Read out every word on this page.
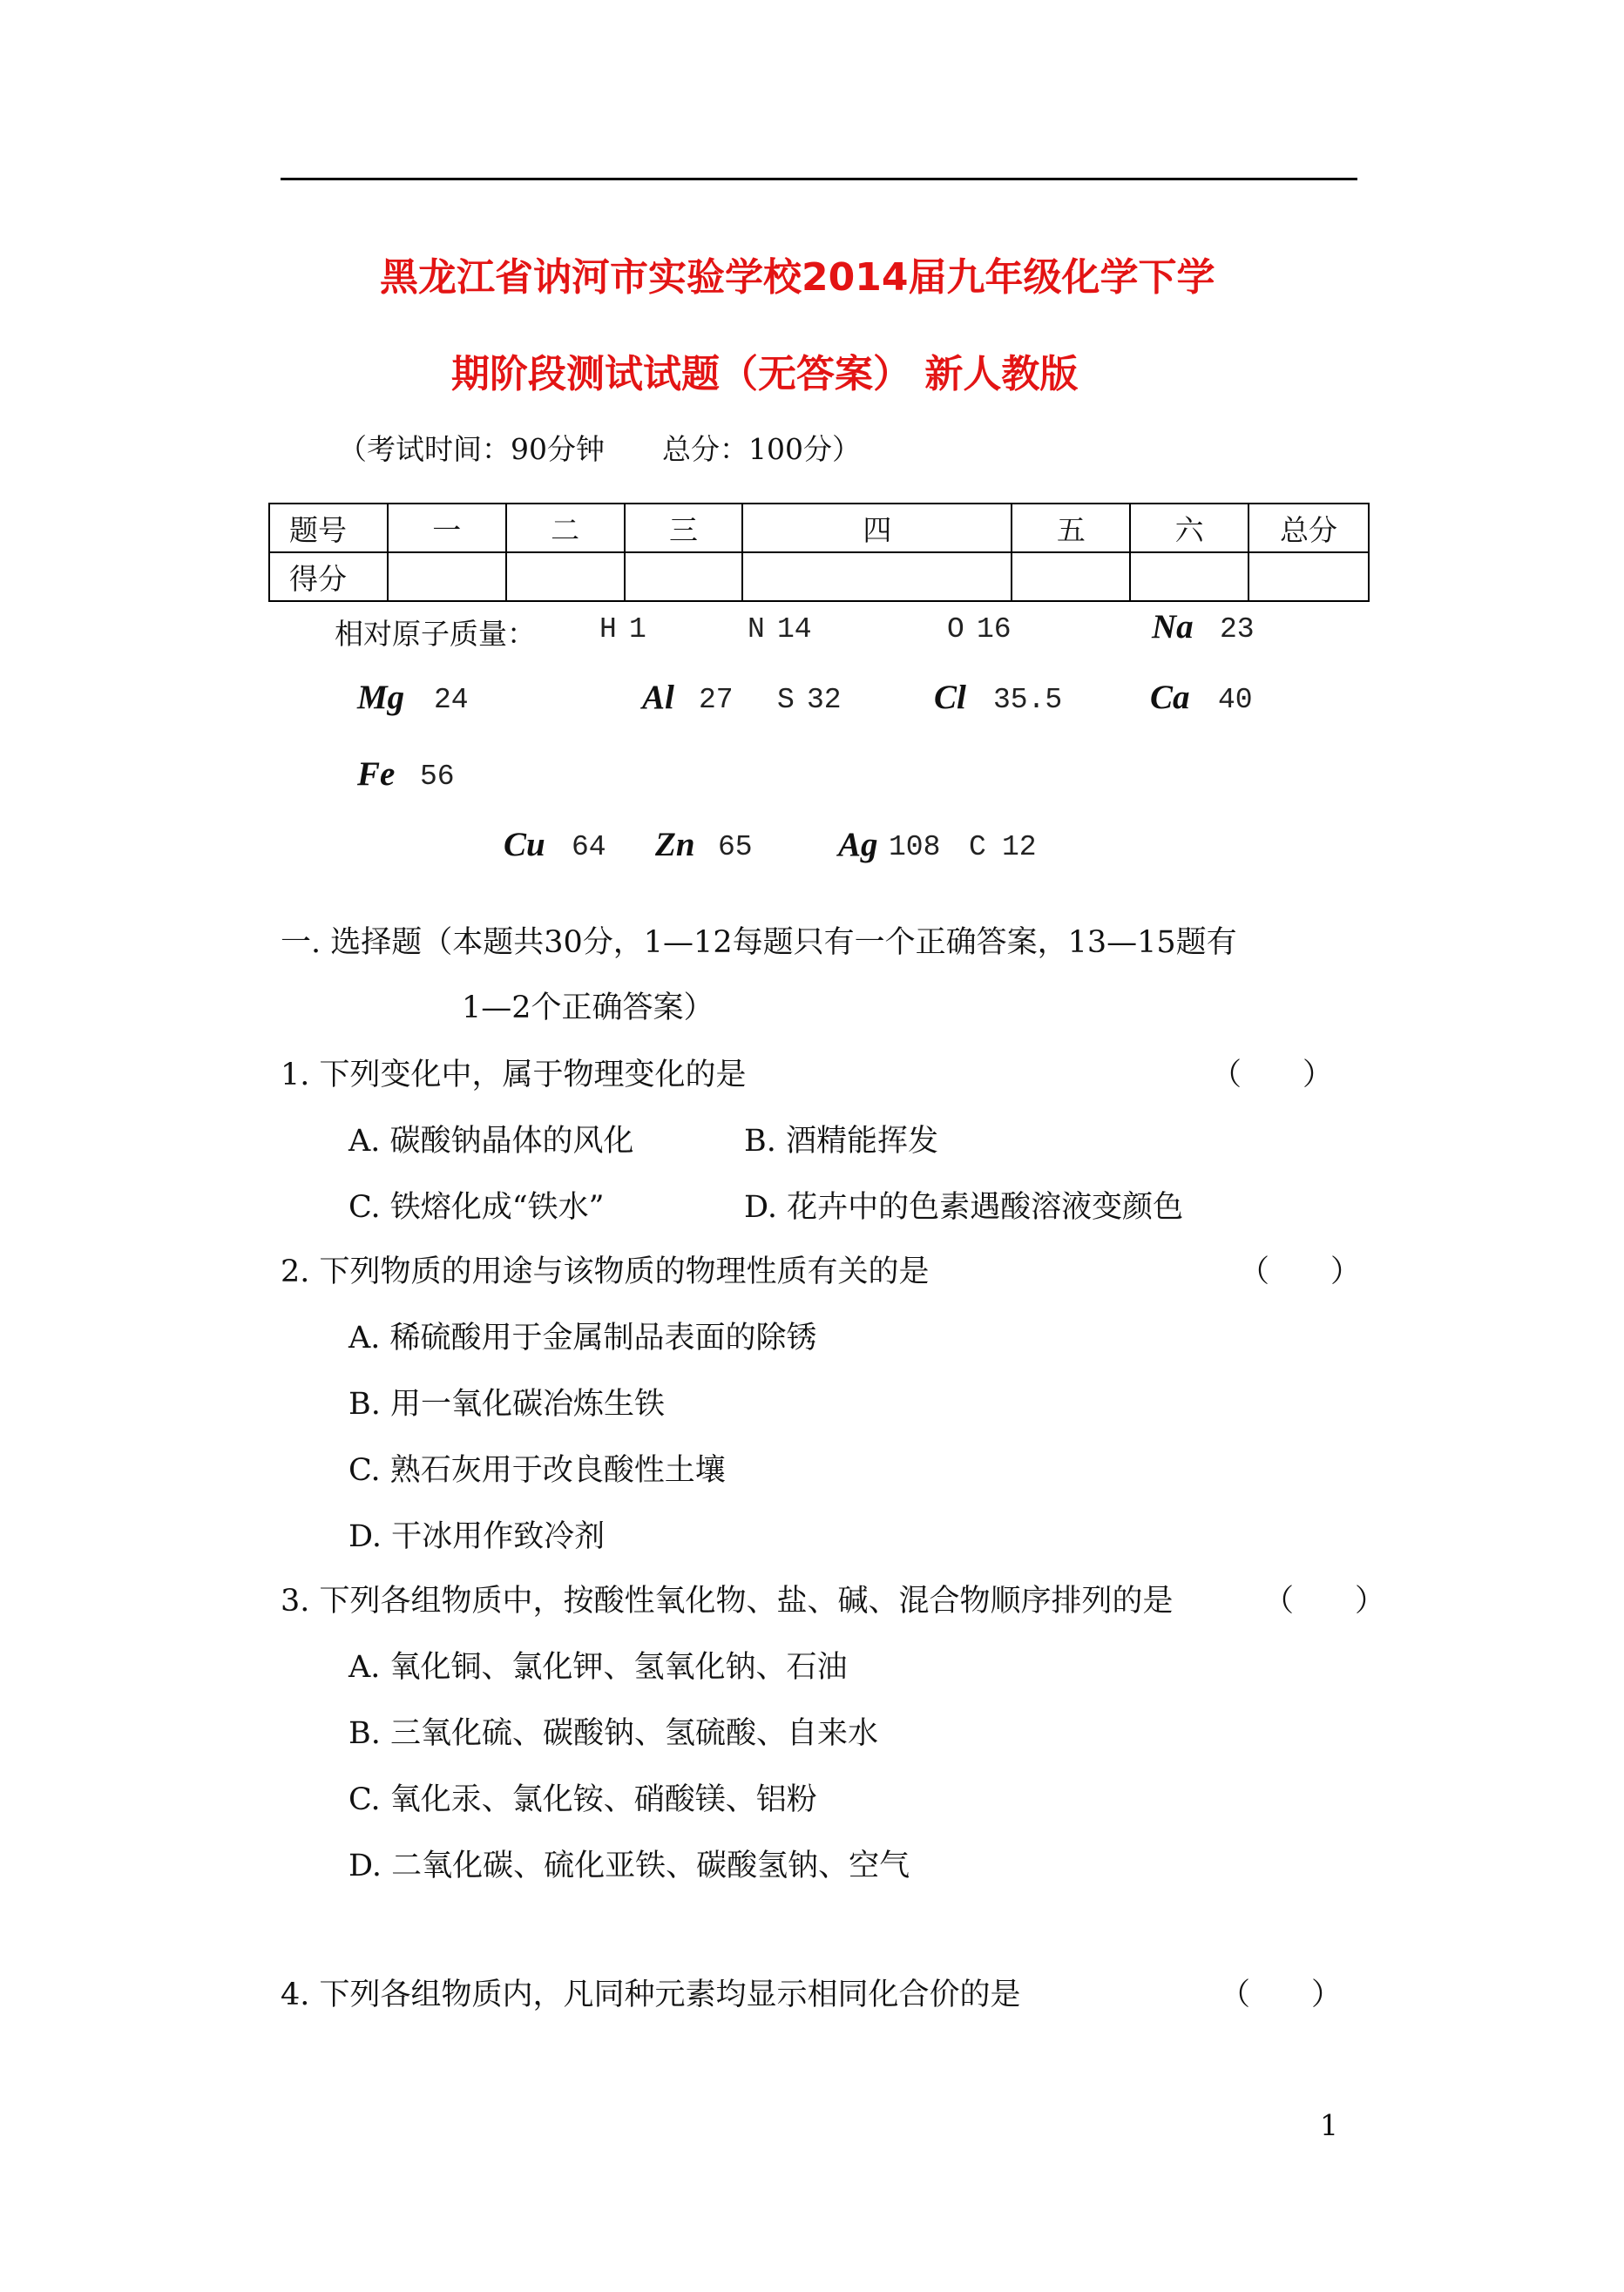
黑龙江省讷河市实验学校2014届九年级化学下学
期阶段测试试题（无答案） 新人教版
（考试时间：90分钟　　总分：100分）
题号	一	二	三	四	五	六	总分
得分							
相对原子质量： H 1	N 14	O 16	Na 23
Mg 24	Al 27 S 32	Cl 35.5	Ca 40
Fe 56
Cu 64 Zn 65	Ag 108 C 12
一. 选择题（本题共30分，1—12每题只有一个正确答案，13—15题有
1—2个正确答案）
1. 下列变化中，属于物理变化的是	（　　）
A. 碳酸钠晶体的风化	B. 酒精能挥发
C. 铁熔化成“铁水”	D. 花卉中的色素遇酸溶液变颜色
2. 下列物质的用途与该物质的物理性质有关的是	（　　）
A. 稀硫酸用于金属制品表面的除锈
B. 用一氧化碳冶炼生铁
C. 熟石灰用于改良酸性土壤
D. 干冰用作致冷剂
3. 下列各组物质中，按酸性氧化物、盐、碱、混合物顺序排列的是	（　　）
A. 氧化铜、氯化钾、氢氧化钠、石油
B. 三氧化硫、碳酸钠、氢硫酸、自来水
C. 氧化汞、氯化铵、硝酸镁、铝粉
D. 二氧化碳、硫化亚铁、碳酸氢钠、空气
4. 下列各组物质内，凡同种元素均显示相同化合价的是	（　　）
1
